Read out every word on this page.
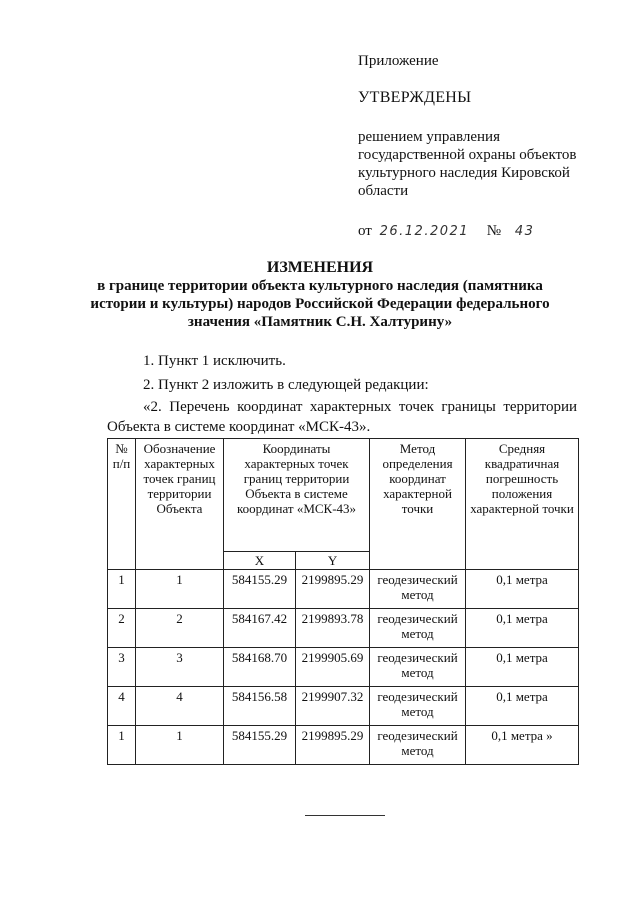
Приложение
УТВЕРЖДЕНЫ
решением управления
государственной охраны объектов
культурного наследия Кировской
области
от 26.12.2021 № 43
ИЗМЕНЕНИЯ
в границе территории объекта культурного наследия (памятника
истории и культуры) народов Российской Федерации федерального
значения «Памятник С.Н. Халтурину»
1. Пункт 1 исключить.
2. Пункт 2 изложить в следующей редакции:
«2. Перечень координат характерных точек границы территории
Объекта в системе координат «МСК-43».
№ п/п	Обозначение характерных точек границ территории Объекта	Координаты характерных точек границ территории Объекта в системе координат «МСК-43»		Метод определения координат характерной точки	Средняя квадратичная погрешность положения характерной точки
		X	Y		
1	1	584155.29	2199895.29	геодезический метод	0,1 метра
2	2	584167.42	2199893.78	геодезический метод	0,1 метра
3	3	584168.70	2199905.69	геодезический метод	0,1 метра
4	4	584156.58	2199907.32	геодезический метод	0,1 метра
1	1	584155.29	2199895.29	геодезический метод	0,1 метра »
